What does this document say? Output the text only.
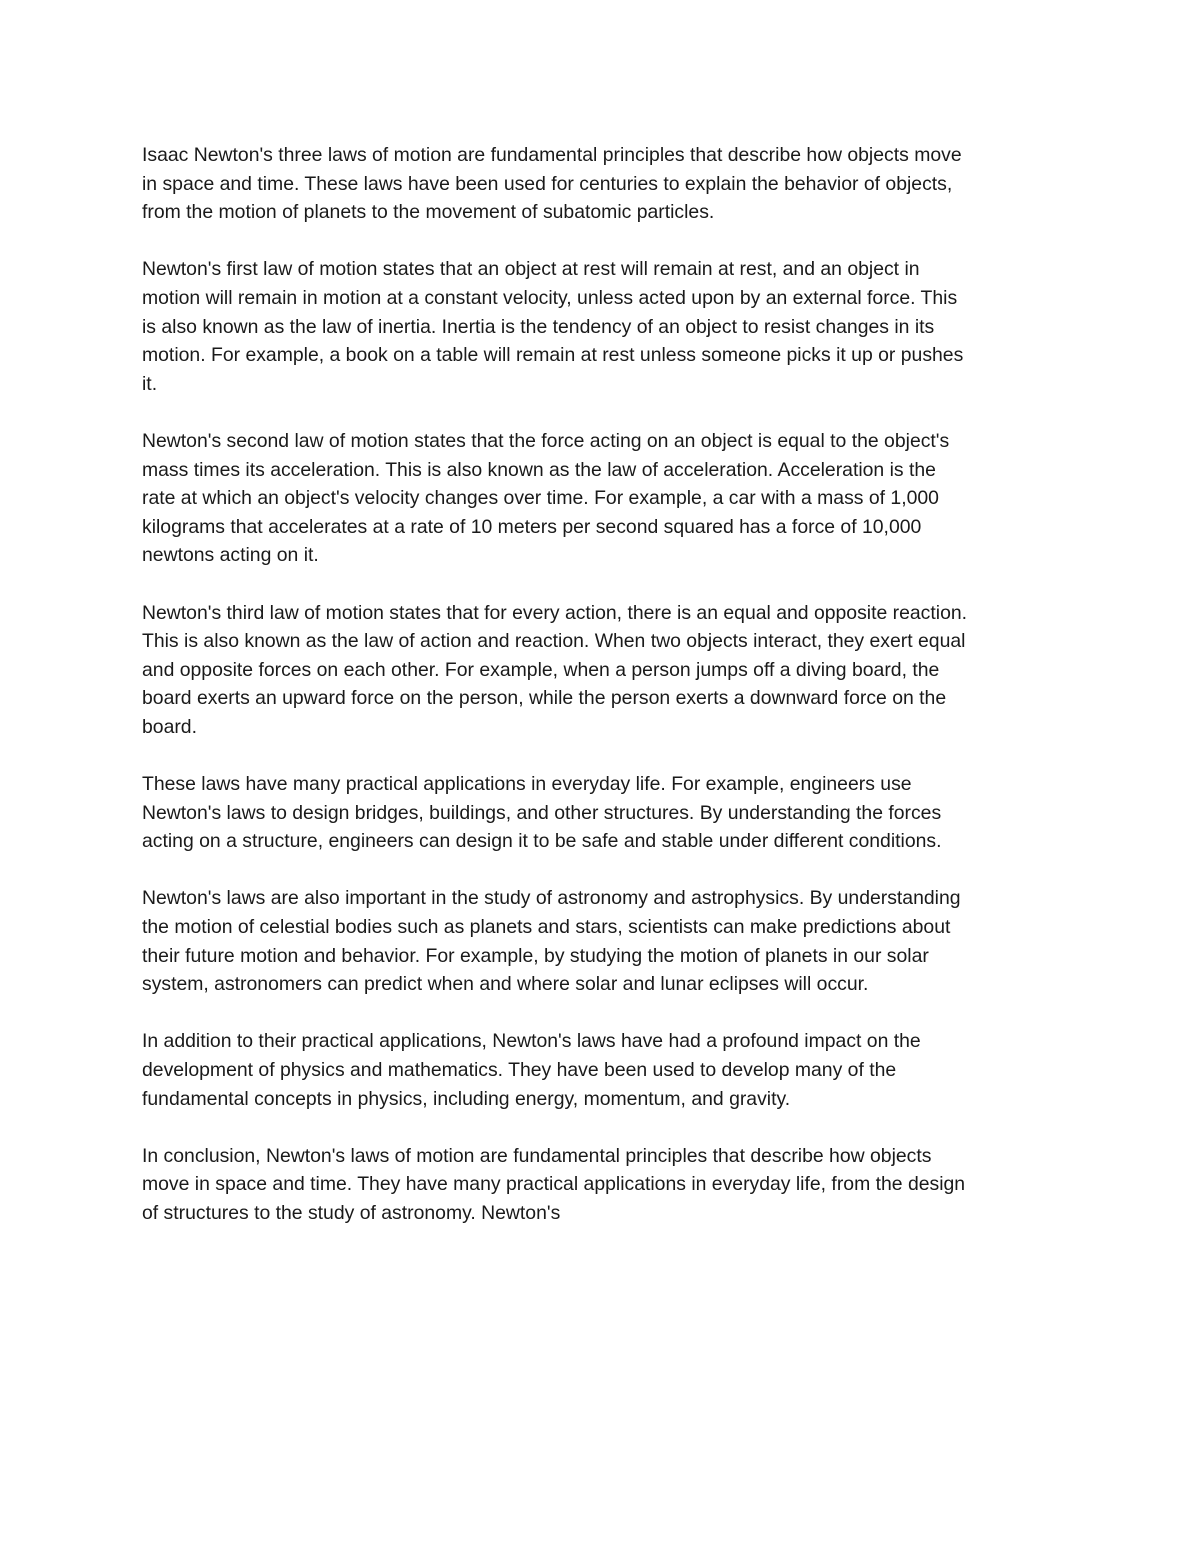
Isaac Newton's three laws of motion are fundamental principles that describe how objects move
in space and time. These laws have been used for centuries to explain the behavior of objects,
from the motion of planets to the movement of subatomic particles.

Newton's first law of motion states that an object at rest will remain at rest, and an object in
motion will remain in motion at a constant velocity, unless acted upon by an external force. This
is also known as the law of inertia. Inertia is the tendency of an object to resist changes in its
motion. For example, a book on a table will remain at rest unless someone picks it up or pushes
it.

Newton's second law of motion states that the force acting on an object is equal to the object's
mass times its acceleration. This is also known as the law of acceleration. Acceleration is the
rate at which an object's velocity changes over time. For example, a car with a mass of 1,000
kilograms that accelerates at a rate of 10 meters per second squared has a force of 10,000
newtons acting on it.

Newton's third law of motion states that for every action, there is an equal and opposite reaction.
This is also known as the law of action and reaction. When two objects interact, they exert equal
and opposite forces on each other. For example, when a person jumps off a diving board, the
board exerts an upward force on the person, while the person exerts a downward force on the
board.

These laws have many practical applications in everyday life. For example, engineers use
Newton's laws to design bridges, buildings, and other structures. By understanding the forces
acting on a structure, engineers can design it to be safe and stable under different conditions.

Newton's laws are also important in the study of astronomy and astrophysics. By understanding
the motion of celestial bodies such as planets and stars, scientists can make predictions about
their future motion and behavior. For example, by studying the motion of planets in our solar
system, astronomers can predict when and where solar and lunar eclipses will occur.

In addition to their practical applications, Newton's laws have had a profound impact on the
development of physics and mathematics. They have been used to develop many of the
fundamental concepts in physics, including energy, momentum, and gravity.

In conclusion, Newton's laws of motion are fundamental principles that describe how objects
move in space and time. They have many practical applications in everyday life, from the design
of structures to the study of astronomy. Newton's
